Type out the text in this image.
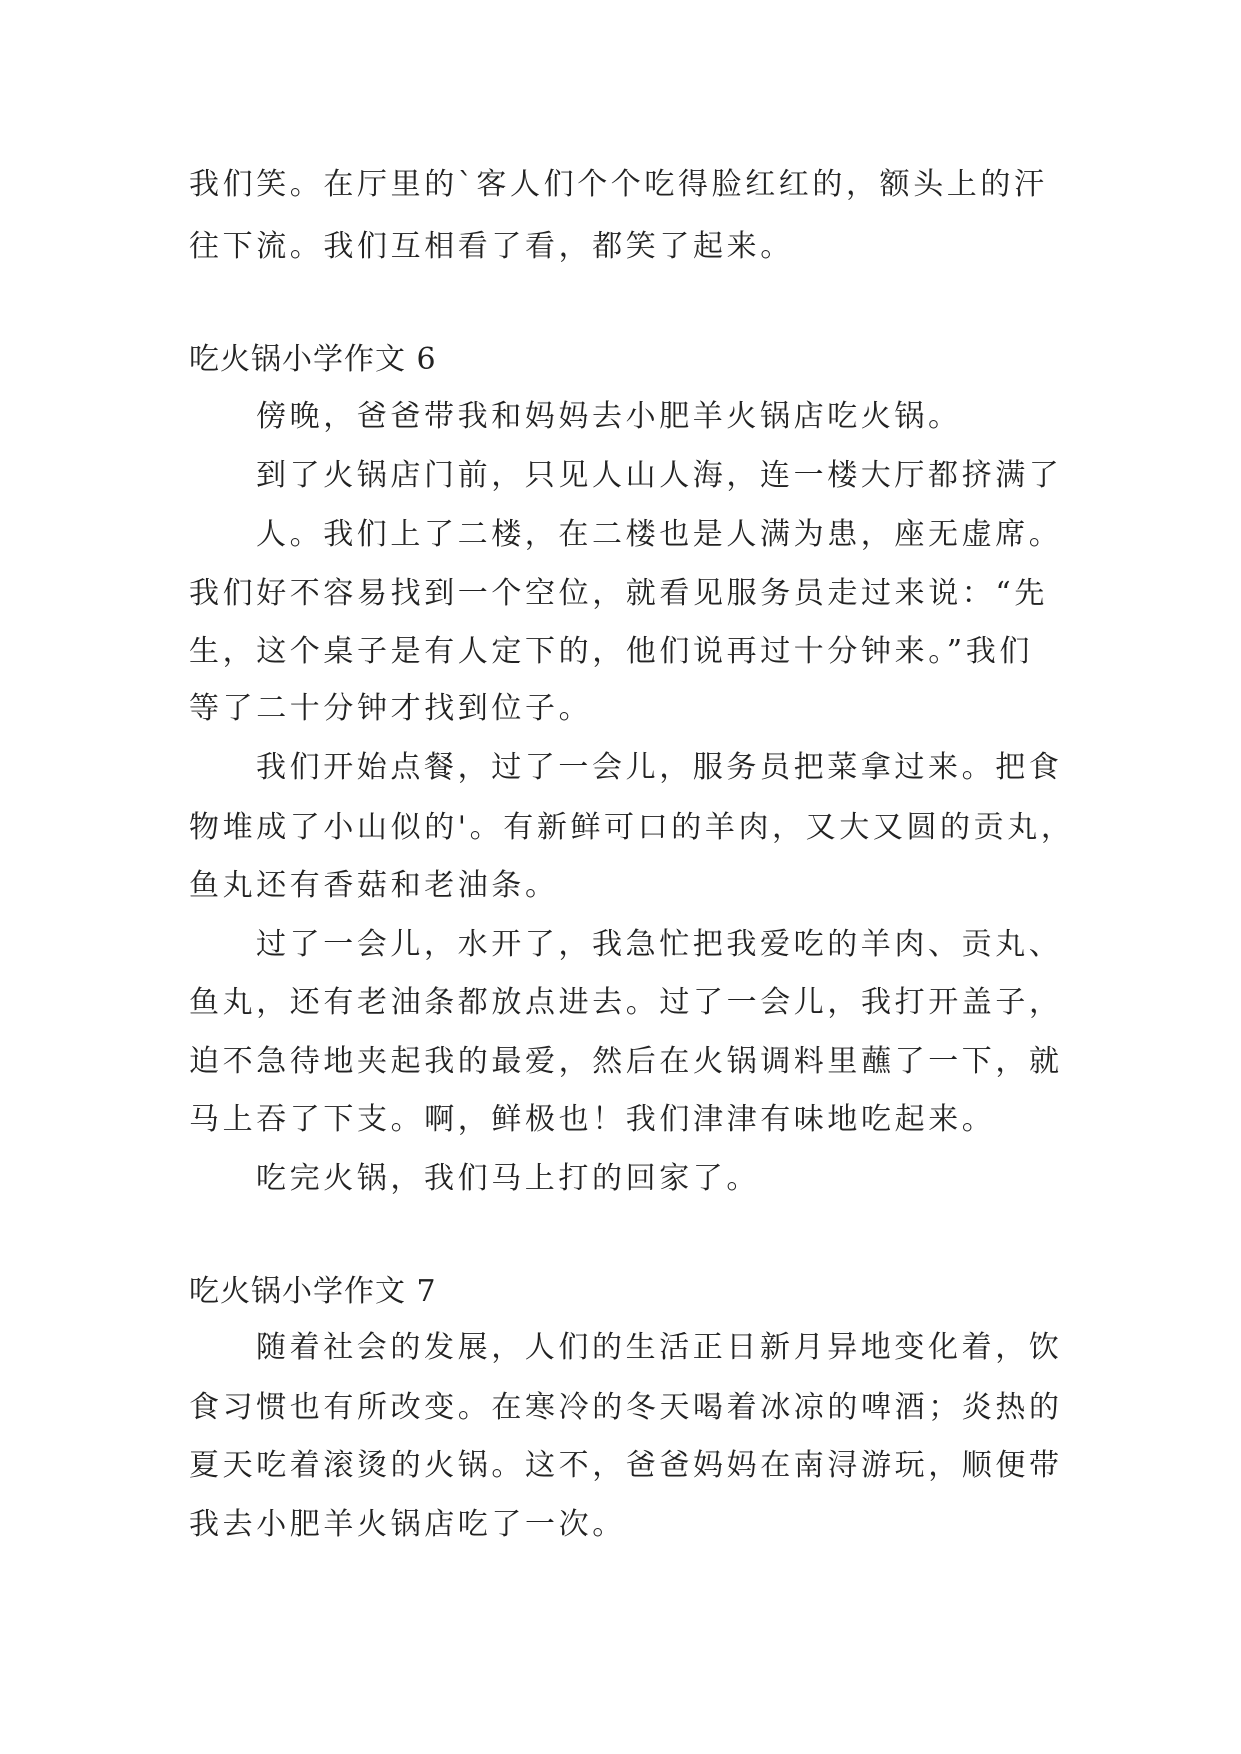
我们笑。在厅里的`客人们个个吃得脸红红的，额头上的汗
往下流。我们互相看了看，都笑了起来。
吃火锅小学作文 6
傍晚，爸爸带我和妈妈去小肥羊火锅店吃火锅。
到了火锅店门前，只见人山人海，连一楼大厅都挤满了
人。我们上了二楼，在二楼也是人满为患，座无虚席。
我们好不容易找到一个空位，就看见服务员走过来说：“先
生，这个桌子是有人定下的，他们说再过十分钟来。”我们
等了二十分钟才找到位子。
我们开始点餐，过了一会儿，服务员把菜拿过来。把食
物堆成了小山似的'。有新鲜可口的羊肉，又大又圆的贡丸，
鱼丸还有香菇和老油条。
过了一会儿，水开了，我急忙把我爱吃的羊肉、贡丸、
鱼丸，还有老油条都放点进去。过了一会儿，我打开盖子，
迫不急待地夹起我的最爱，然后在火锅调料里蘸了一下，就
马上吞了下支。啊，鲜极也！我们津津有味地吃起来。
吃完火锅，我们马上打的回家了。
吃火锅小学作文 7
随着社会的发展，人们的生活正日新月异地变化着，饮
食习惯也有所改变。在寒冷的冬天喝着冰凉的啤酒；炎热的
夏天吃着滚烫的火锅。这不，爸爸妈妈在南浔游玩，顺便带
我去小肥羊火锅店吃了一次。
